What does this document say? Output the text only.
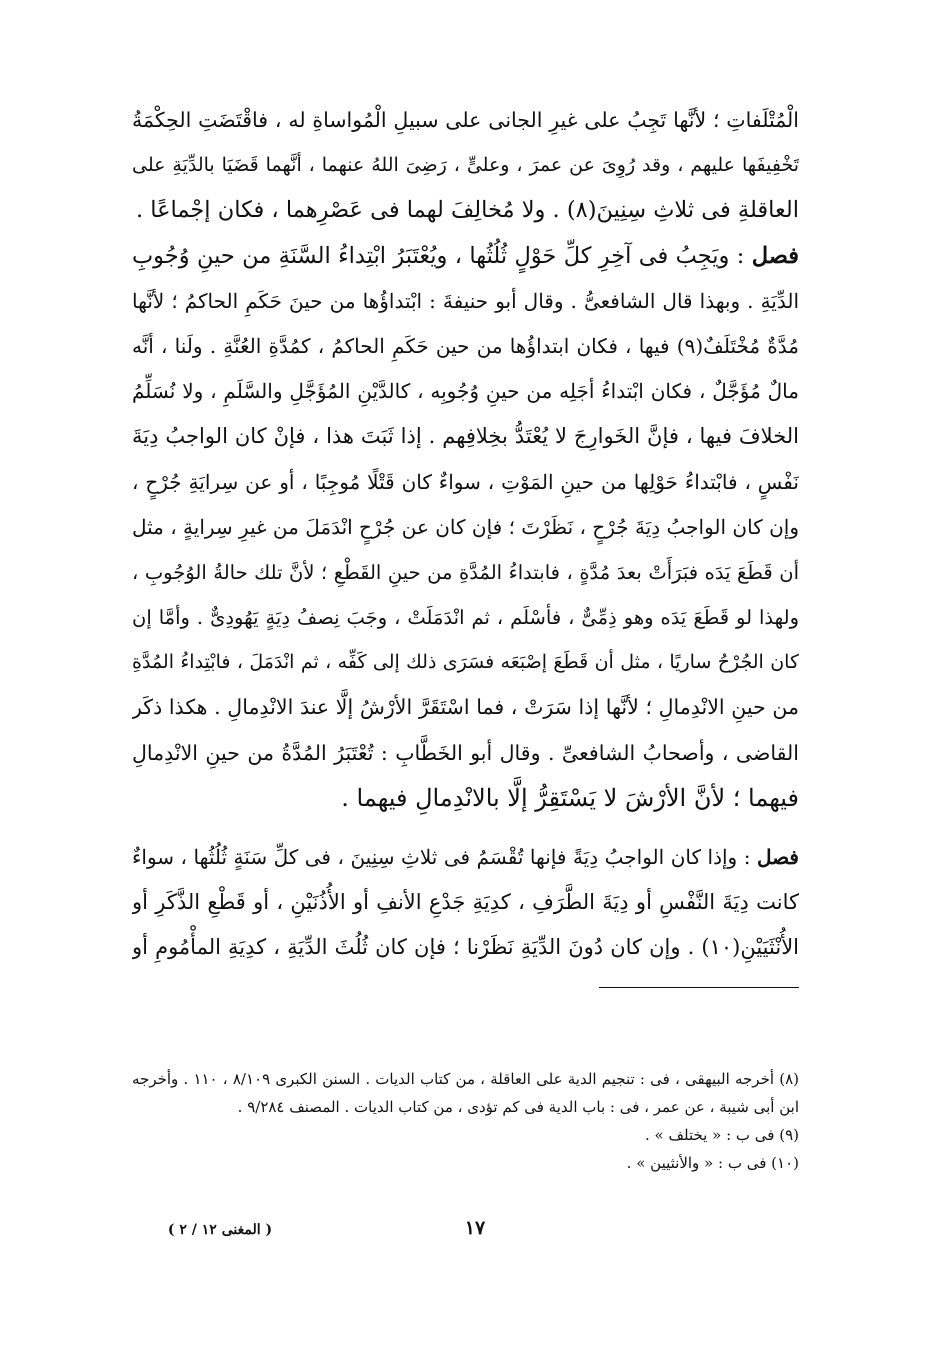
الْمُتْلَفاتِ ؛ لأنَّها تَجِبُ على غيرِ الجانى على سبيلِ الْمُواساةِ له ، فاقْتَضَتِ الحِكْمَةُ
تَخْفِيفَها عليهم ، وقد رُوِىَ عن عمرَ ، وعلىٍّ ، رَضِىَ اللهُ عنهما ، أنَّهما قَضَيَا بالدِّيَةِ على
العاقلةِ فى ثلاثِ سِنِينَ(٨) . ولا مُخالِفَ لهما فى عَصْرِهما ، فكان إجْماعًا .

فصل : ويَجِبُ فى آخِرِ كلِّ حَوْلٍ ثُلُثُها ، ويُعْتَبَرُ ابْتِداءُ السَّنَةِ من حينِ وُجُوبِ
الدِّيَةِ . وبهذا قال الشافعىُّ . وقال أبو حنيفةَ : ابْتداؤُها من حينَ حَكَمِ الحاكمُ ؛ لأنَّها
مُدَّةٌ مُخْتَلَفٌ(٩) فيها ، فكان ابتداؤُها من حين حَكَمِ الحاكمُ ، كمُدَّةِ العُنَّةِ . ولَنا ، أنَّه
مالٌ مُؤَجَّلٌ ، فكان ابْتداءُ أجَلِه من حينِ وُجُوبِه ، كالدَّيْنِ المُؤَجَّلِ والسَّلَمِ ، ولا نُسَلِّمُ
الخلافَ فيها ، فإنَّ الخَوارِجَ لا يُعْتَدُّ بخِلافِهم . إذا ثَبَتَ هذا ، فإنْ كان الواجبُ دِيَةَ
نَفْسٍ ، فابْتداءُ حَوْلِها من حينِ المَوْتِ ، سواءٌ كان قَتْلًا مُوجِبًا ، أو عن سِرايَةِ جُرْحٍ ،
وإن كان الواجبُ دِيَةَ جُرْحٍ ، نَظَرْتَ ؛ فإن كان عن جُرْحٍ انْدَمَلَ من غيرِ سِرايةٍ ، مثل
أن قَطَعَ يَدَه فبَرَأَتْ بعدَ مُدَّةٍ ، فابتداءُ المُدَّةِ من حينِ القَطْعِ ؛ لأنَّ تلك حالةُ الوُجُوبِ ،
ولهذا لو قَطَعَ يَدَه وهو ذِمِّىٌّ ، فأسْلَم ، ثم انْدَمَلَتْ ، وجَبَ نِصفُ دِيَةٍ يَهُودِىٌّ . وأمَّا إن
كان الجُرْحُ ساريًا ، مثل أن قَطَعَ إصْبَعَه فسَرَى ذلك إلى كَفِّه ، ثم انْدَمَلَ ، فابْتِداءُ المُدَّةِ
من حينِ الانْدِمالِ ؛ لأنَّها إذا سَرَتْ ، فما اسْتَقَرَّ الأرْشُ إلَّا عندَ الانْدِمالِ . هكذا ذكَر
القاضى ، وأصحابُ الشافعىِّ . وقال أبو الخَطَّابِ : تُعْتَبَرُ المُدَّةُ من حينِ الانْدِمالِ
فيهما ؛ لأنَّ الأرْشَ لا يَسْتَقِرُّ إلَّا بالانْدِمالِ فيهما .

فصل : وإذا كان الواجبُ دِيَةً فإنها تُقْسَمُ فى ثلاثِ سِنِينَ ، فى كلِّ سَنَةٍ ثُلُثُها ، سواءٌ
كانت دِيَةَ النَّفْسِ أو دِيَةَ الطَّرَفِ ، كدِيَةِ جَدْعِ الأنفِ أو الأُذُنَيْنِ ، أو قَطْعِ الذَّكَرِ أو
الأُنْثَيَيْنِ(١٠) . وإن كان دُونَ الدِّيَةِ نَظَرْنا ؛ فإن كان ثُلُثَ الدِّيَةِ ، كدِيَةِ المأْمُومِ أو

(٨) أخرجه البيهقى ، فى : تنجيم الدية على العاقلة ، من كتاب الديات . السنن الكبرى ٨/١٠٩ ، ١١٠ . وأخرجه
ابن أبى شيبة ، عن عمر ، فى : باب الدية فى كم تؤدى ، من كتاب الديات . المصنف ٩/٢٨٤ .
(٩) فى ب : « يختلف » .
(١٠) فى ب : « والأنثيين » .
١٧
( المغنى ١٢ / ٢ )
